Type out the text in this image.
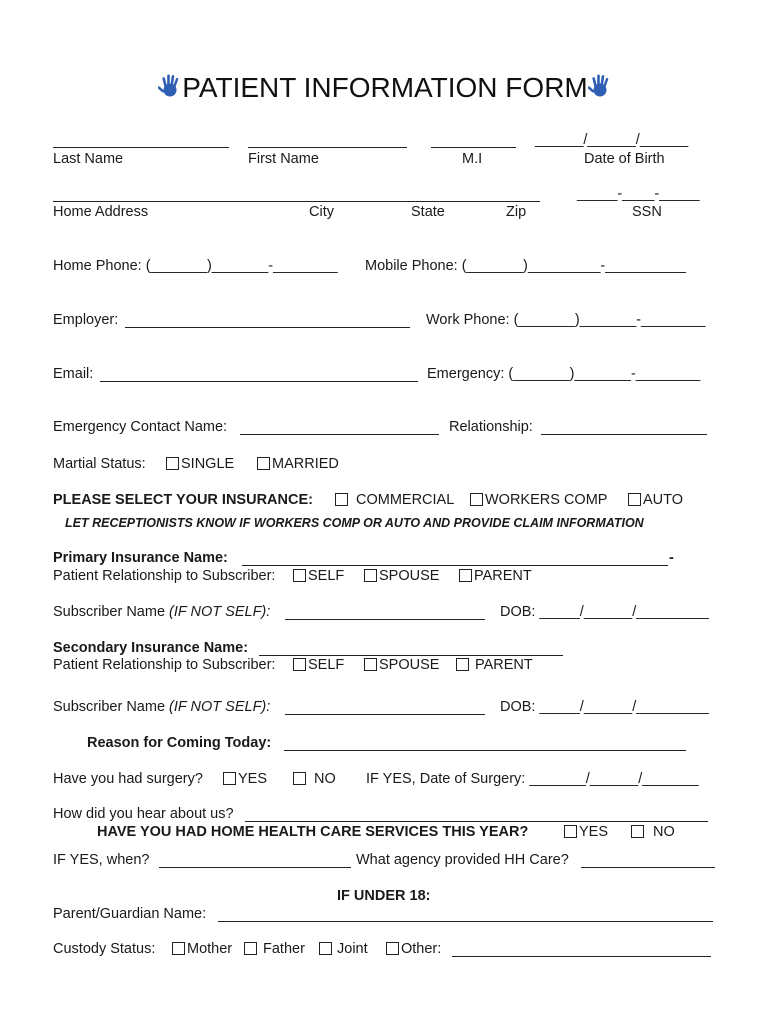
PATIENT INFORMATION FORM
______/______/______
Last Name	First Name	M.I	Date of Birth
_____-____-_____
Home Address	City	State	Zip	SSN
Home Phone: (_______)_______-________ Mobile Phone: (_______)_________-__________
Employer:	Work Phone: (_______)_______-________
Email:	Emergency: (_______)_______-________
Emergency Contact Name:	Relationship:
Martial Status:	SINGLE	MARRIED
PLEASE SELECT YOUR INSURANCE:	COMMERCIAL	WORKERS COMP	AUTO
LET RECEPTIONISTS KNOW IF WORKERS COMP OR AUTO AND PROVIDE CLAIM INFORMATION
Primary Insurance Name:	-
Patient Relationship to Subscriber:	SELF	SPOUSE	PARENT
Subscriber Name (IF NOT SELF):	DOB: _____/______/_________
Secondary Insurance Name:
Patient Relationship to Subscriber:	SELF	SPOUSE	PARENT
Subscriber Name (IF NOT SELF):	DOB: _____/______/_________
Reason for Coming Today:
Have you had surgery?	YES	NO IF YES, Date of Surgery: _______/______/_______
How did you hear about us?
HAVE YOU HAD HOME HEALTH CARE SERVICES THIS YEAR?	YES	NO
IF YES, when?	What agency provided HH Care?
IF UNDER 18:
Parent/Guardian Name:
Custody Status:	Mother	Father	Joint	Other:
